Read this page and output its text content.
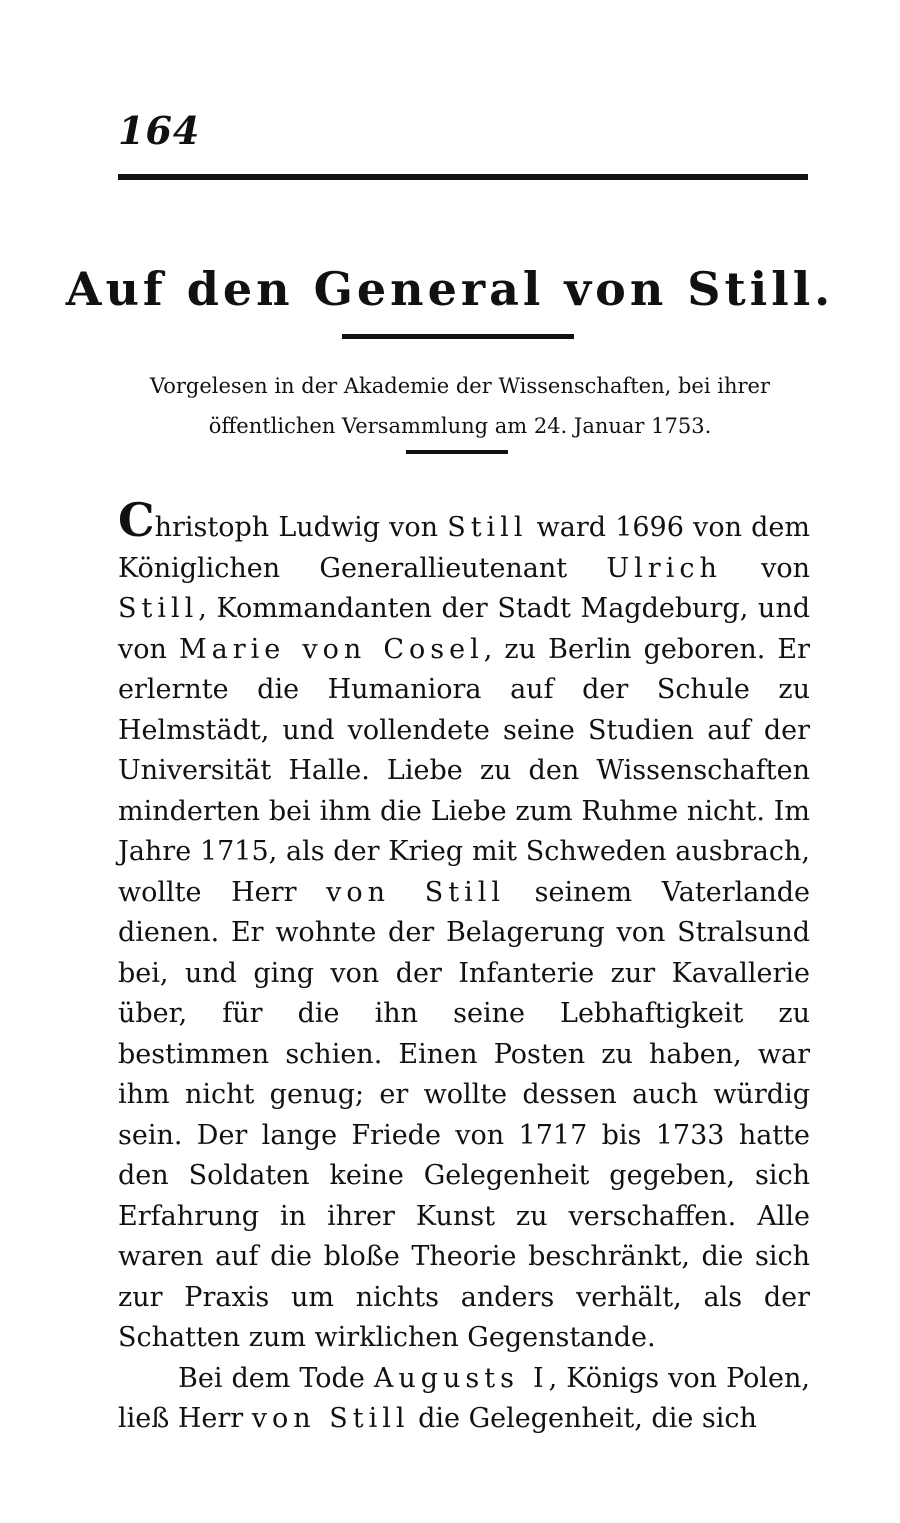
164
Auf den General von Still.
Vorgelesen in der Akademie der Wissenschaften, bei ihrer öffentlichen Versammlung am 24. Januar 1753.

Christoph Ludwig von Still ward 1696 von dem Königlichen Generallieutenant Ulrich von Still, Kommandanten der Stadt Magdeburg, und von Marie von Cosel, zu Berlin geboren. Er erlernte die Humaniora auf der Schule zu Helmstädt, und vollendete seine Studien auf der Universität Halle. Liebe zu den Wissenschaften minderten bei ihm die Liebe zum Ruhme nicht. Im Jahre 1715, als der Krieg mit Schweden ausbrach, wollte Herr von Still seinem Vaterlande dienen. Er wohnte der Belagerung von Stralsund bei, und ging von der Infanterie zur Kavallerie über, für die ihn seine Lebhaftigkeit zu bestimmen schien. Einen Posten zu haben, war ihm nicht genug; er wollte dessen auch würdig sein. Der lange Friede von 1717 bis 1733 hatte den Soldaten keine Gelegenheit gegeben, sich Erfahrung in ihrer Kunst zu verschaffen. Alle waren auf die bloße Theorie beschränkt, die sich zur Praxis um nichts anders verhält, als der Schatten zum wirklichen Gegenstande.

Bei dem Tode Augusts I, Königs von Polen, ließ Herr von Still die Gelegenheit, die sich
